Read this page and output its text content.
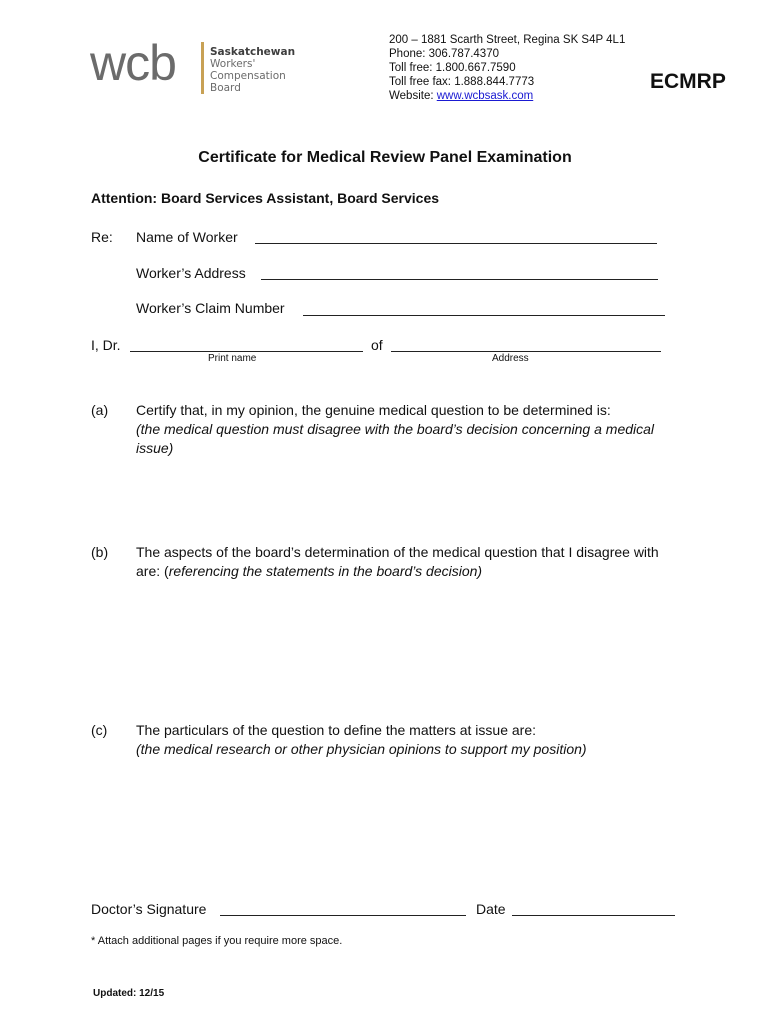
wcb	Saskatchewan
Workers'
Compensation
Board
200 – 1881 Scarth Street, Regina SK S4P 4L1
Phone: 306.787.4370
Toll free: 1.800.667.7590
Toll free fax: 1.888.844.7773
Website: www.wcbsask.com
ECMRP
Certificate for Medical Review Panel Examination
Attention: Board Services Assistant, Board Services
Re: Name of Worker
Worker’s Address
Worker’s Claim Number
I, Dr.	of
Print name	Address
(a) Certify that, in my opinion, the genuine medical question to be determined is:
(the medical question must disagree with the board’s decision concerning a medical issue)
(b) The aspects of the board’s determination of the medical question that I disagree with are: (referencing the statements in the board’s decision)
(c) The particulars of the question to define the matters at issue are:
(the medical research or other physician opinions to support my position)
Doctor’s Signature	Date
* Attach additional pages if you require more space.
Updated: 12/15
